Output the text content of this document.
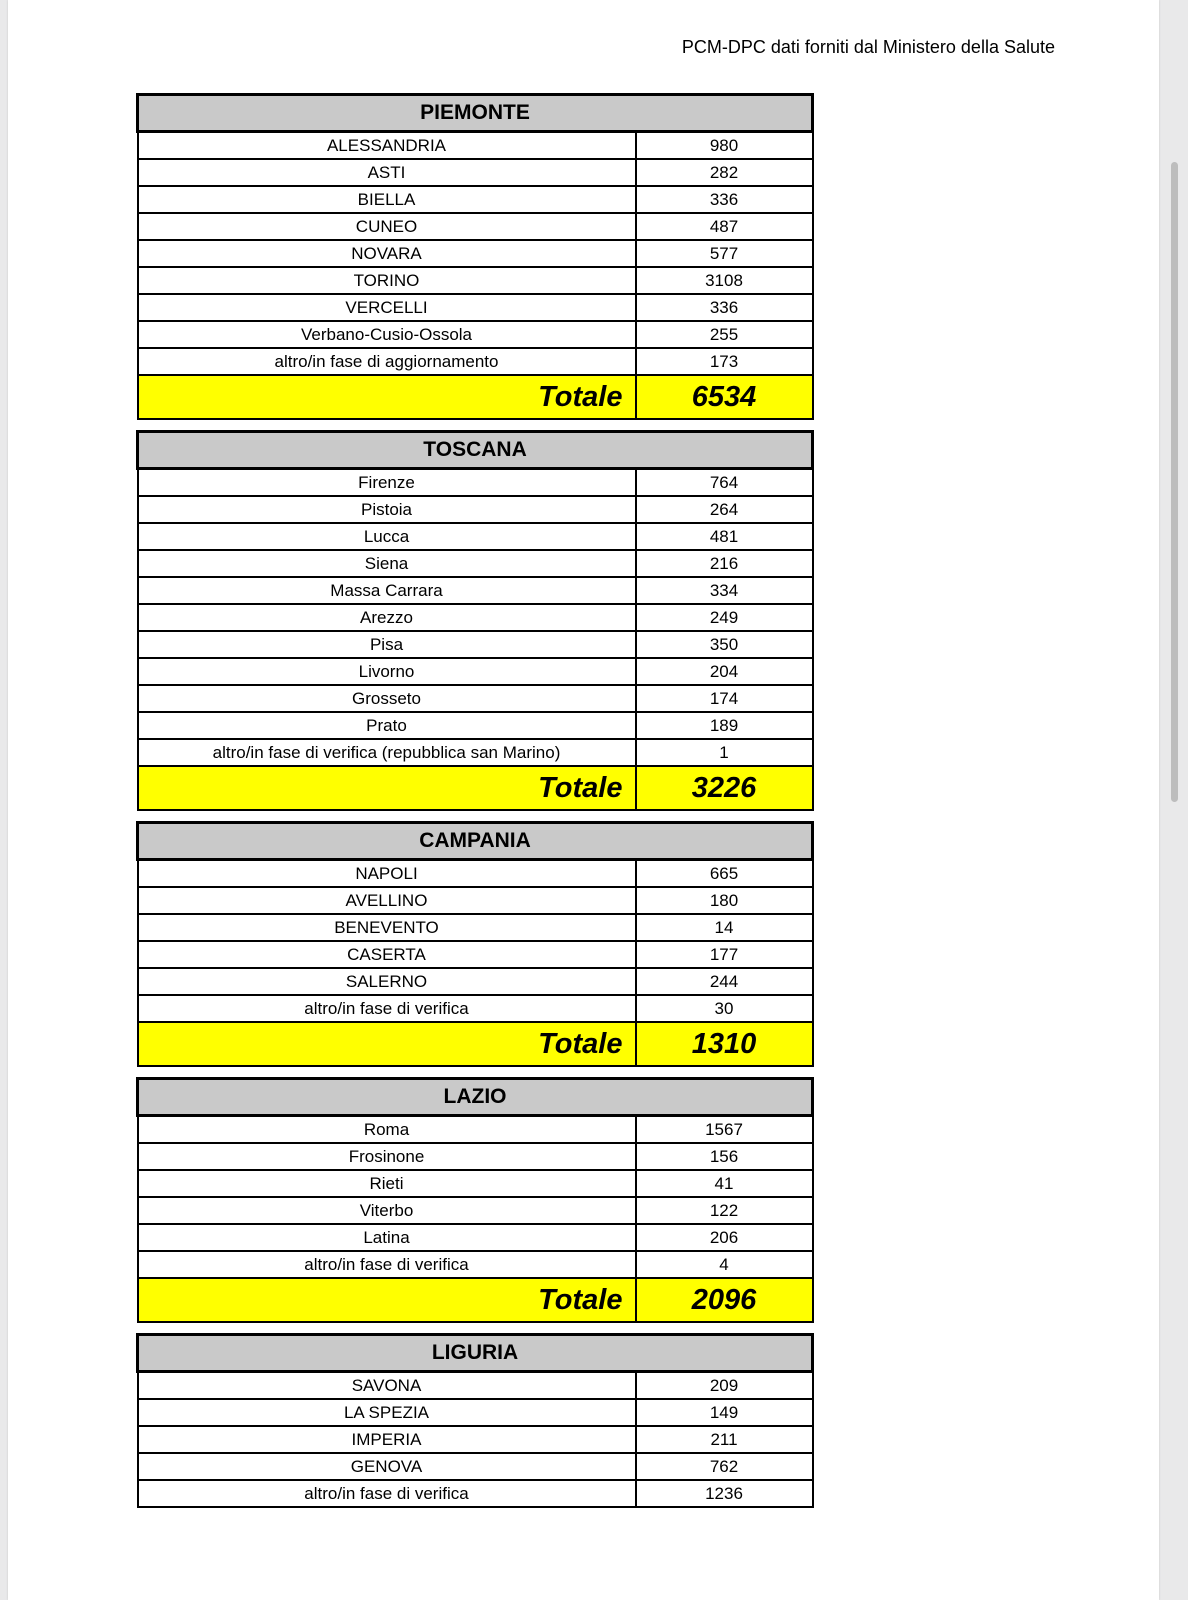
PCM-DPC dati forniti dal Ministero della Salute
PIEMONTE	
ALESSANDRIA	980
ASTI	282
BIELLA	336
CUNEO	487
NOVARA	577
TORINO	3108
VERCELLI	336
Verbano-Cusio-Ossola	255
altro/in fase di aggiornamento	173
Totale	6534
TOSCANA	
Firenze	764
Pistoia	264
Lucca	481
Siena	216
Massa Carrara	334
Arezzo	249
Pisa	350
Livorno	204
Grosseto	174
Prato	189
altro/in fase di verifica (repubblica san Marino)	1
Totale	3226
CAMPANIA	
NAPOLI	665
AVELLINO	180
BENEVENTO	14
CASERTA	177
SALERNO	244
altro/in fase di verifica	30
Totale	1310
LAZIO	
Roma	1567
Frosinone	156
Rieti	41
Viterbo	122
Latina	206
altro/in fase di verifica	4
Totale	2096
LIGURIA	
SAVONA	209
LA SPEZIA	149
IMPERIA	211
GENOVA	762
altro/in fase di verifica	1236
